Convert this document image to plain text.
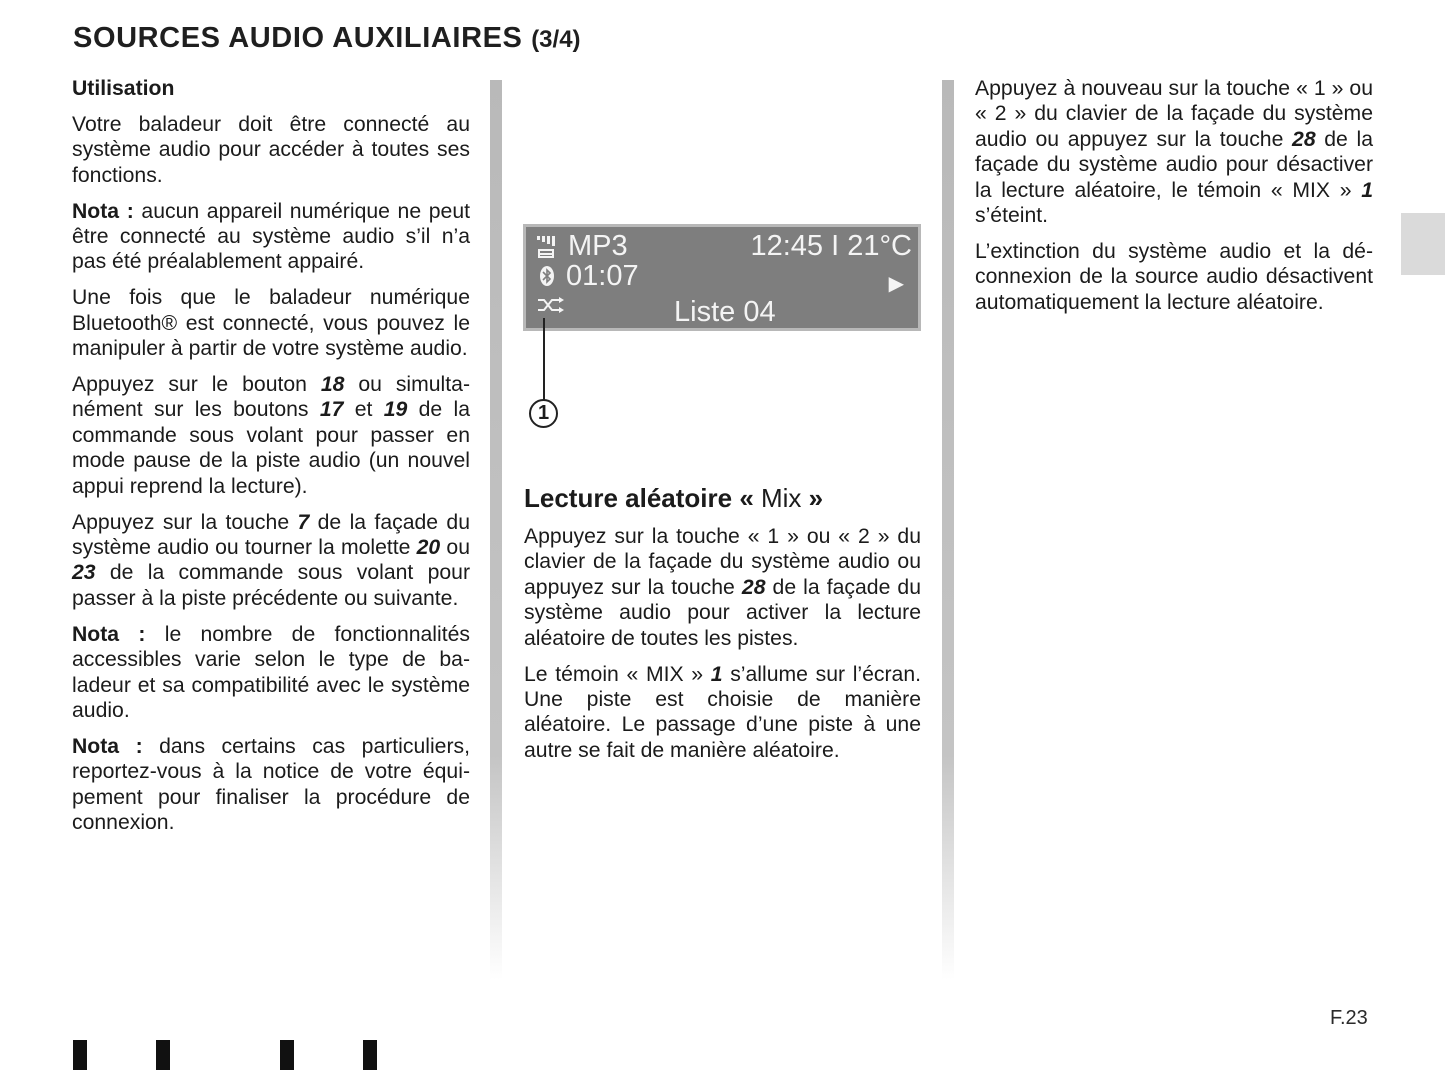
SOURCES AUDIO AUXILIAIRES (3/4)

Utilisation

Votre baladeur doit être connecté au système audio pour accéder à toutes ses fonctions.

Nota : aucun appareil numérique ne peut être connecté au système audio s’il n’a pas été préalablement appairé.

Une fois que le baladeur numérique Bluetooth® est connecté, vous pouvez le manipuler à partir de votre système audio.

Appuyez sur le bouton 18 ou simultanément sur les boutons 17 et 19 de la commande sous volant pour passer en mode pause de la piste audio (un nouvel appui reprend la lecture).

Appuyez sur la touche 7 de la façade du système audio ou tourner la molette 20 ou 23 de la commande sous volant pour passer à la piste précédente ou suivante.

Nota : le nombre de fonctionnalités accessibles varie selon le type de baladeur et sa compatibilité avec le système audio.

Nota : dans certains cas particuliers, reportez-vous à la notice de votre équipement pour finaliser la procédure de connexion.

MP3	12:45 I 21°C
01:07	▶
Liste 04
1
Lecture aléatoire « Mix »

Appuyez sur la touche « 1 » ou « 2 » du clavier de la façade du système audio ou appuyez sur la touche 28 de la façade du système audio pour activer la lecture aléatoire de toutes les pistes.

Le témoin « MIX » 1 s’allume sur l’écran. Une piste est choisie de manière aléatoire. Le passage d’une piste à une autre se fait de manière aléatoire.

Appuyez à nouveau sur la touche « 1 » ou « 2 » du clavier de la façade du système audio ou appuyez sur la touche 28 de la façade du système audio pour désactiver la lecture aléatoire, le témoin « MIX » 1 s’éteint.

L’extinction du système audio et la déconnexion de la source audio désactivent automatiquement la lecture aléatoire.

F.23
